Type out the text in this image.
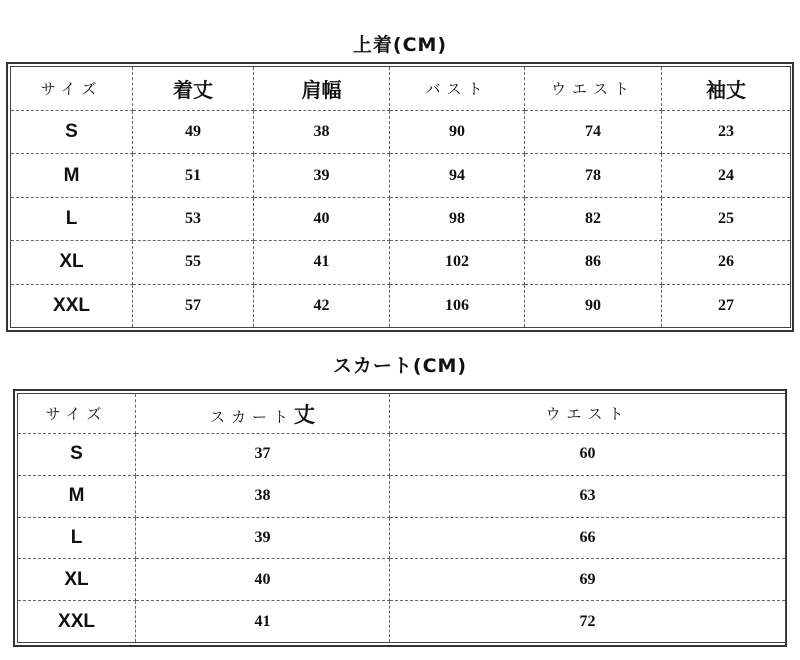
上着(CM)
サイズ	着丈	肩幅	バスト	ウエスト	袖丈
S	49	38	90	74	23
M	51	39	94	78	24
L	53	40	98	82	25
XL	55	41	102	86	26
XXL	57	42	106	90	27
スカート(CM)
サイズ	スカート丈	ウエスト
S	37	60
M	38	63
L	39	66
XL	40	69
XXL	41	72
